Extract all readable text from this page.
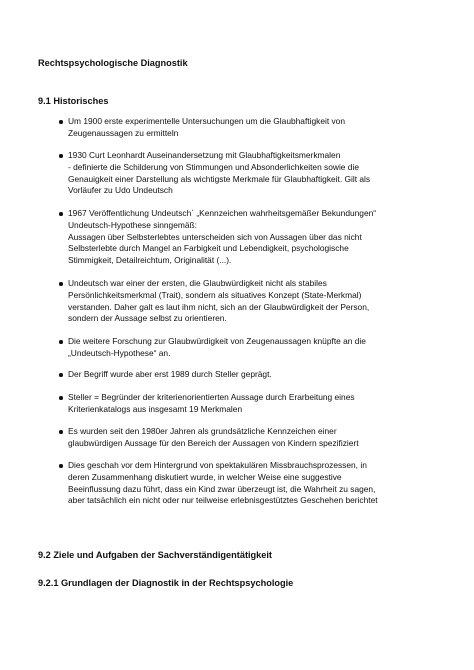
Rechtspsychologische Diagnostik
9.1 Historisches
Um 1900 erste experimentelle Untersuchungen um die Glaubhaftigkeit von
Zeugenaussagen zu ermitteln
1930 Curt Leonhardt Auseinandersetzung mit Glaubhaftigkeitsmerkmalen
- definierte die Schilderung von Stimmungen und Absonderlichkeiten sowie die
Genauigkeit einer Darstellung als wichtigste Merkmale für Glaubhaftigkeit. Gilt als
Vorläufer zu Udo Undeutsch
1967 Veröffentlichung Undeutsch` „Kennzeichen wahrheitsgemäßer Bekundungen“
Undeutsch-Hypothese sinngemäß:
Aussagen über Selbsterlebtes unterscheiden sich von Aussagen über das nicht
Selbsterlebte durch Mangel an Farbigkeit und Lebendigkeit, psychologische
Stimmigkeit, Detailreichtum, Originalität (...).
Undeutsch war einer der ersten, die Glaubwürdigkeit nicht als stabiles
Persönlichkeitsmerkmal (Trait), sondern als situatives Konzept (State-Merkmal)
verstanden. Daher galt es laut ihm nicht, sich an der Glaubwürdigkeit der Person,
sondern der Aussage selbst zu orientieren.
Die weitere Forschung zur Glaubwürdigkeit von Zeugenaussagen knüpfte an die
„Undeutsch-Hypothese“ an.
Der Begriff wurde aber erst 1989 durch Steller geprägt.
Steller = Begründer der kriterienorientierten Aussage durch Erarbeitung eines
Kriterienkatalogs aus insgesamt 19 Merkmalen
Es wurden seit den 1980er Jahren als grundsätzliche Kennzeichen einer
glaubwürdigen Aussage für den Bereich der Aussagen von Kindern spezifiziert
Dies geschah vor dem Hintergrund von spektakulären Missbrauchsprozessen, in
deren Zusammenhang diskutiert wurde, in welcher Weise eine suggestive
Beeinflussung dazu führt, dass ein Kind zwar überzeugt ist, die Wahrheit zu sagen,
aber tatsächlich ein nicht oder nur teilweise erlebnisgestütztes Geschehen berichtet
9.2 Ziele und Aufgaben der Sachverständigentätigkeit
9.2.1 Grundlagen der Diagnostik in der Rechtspsychologie
